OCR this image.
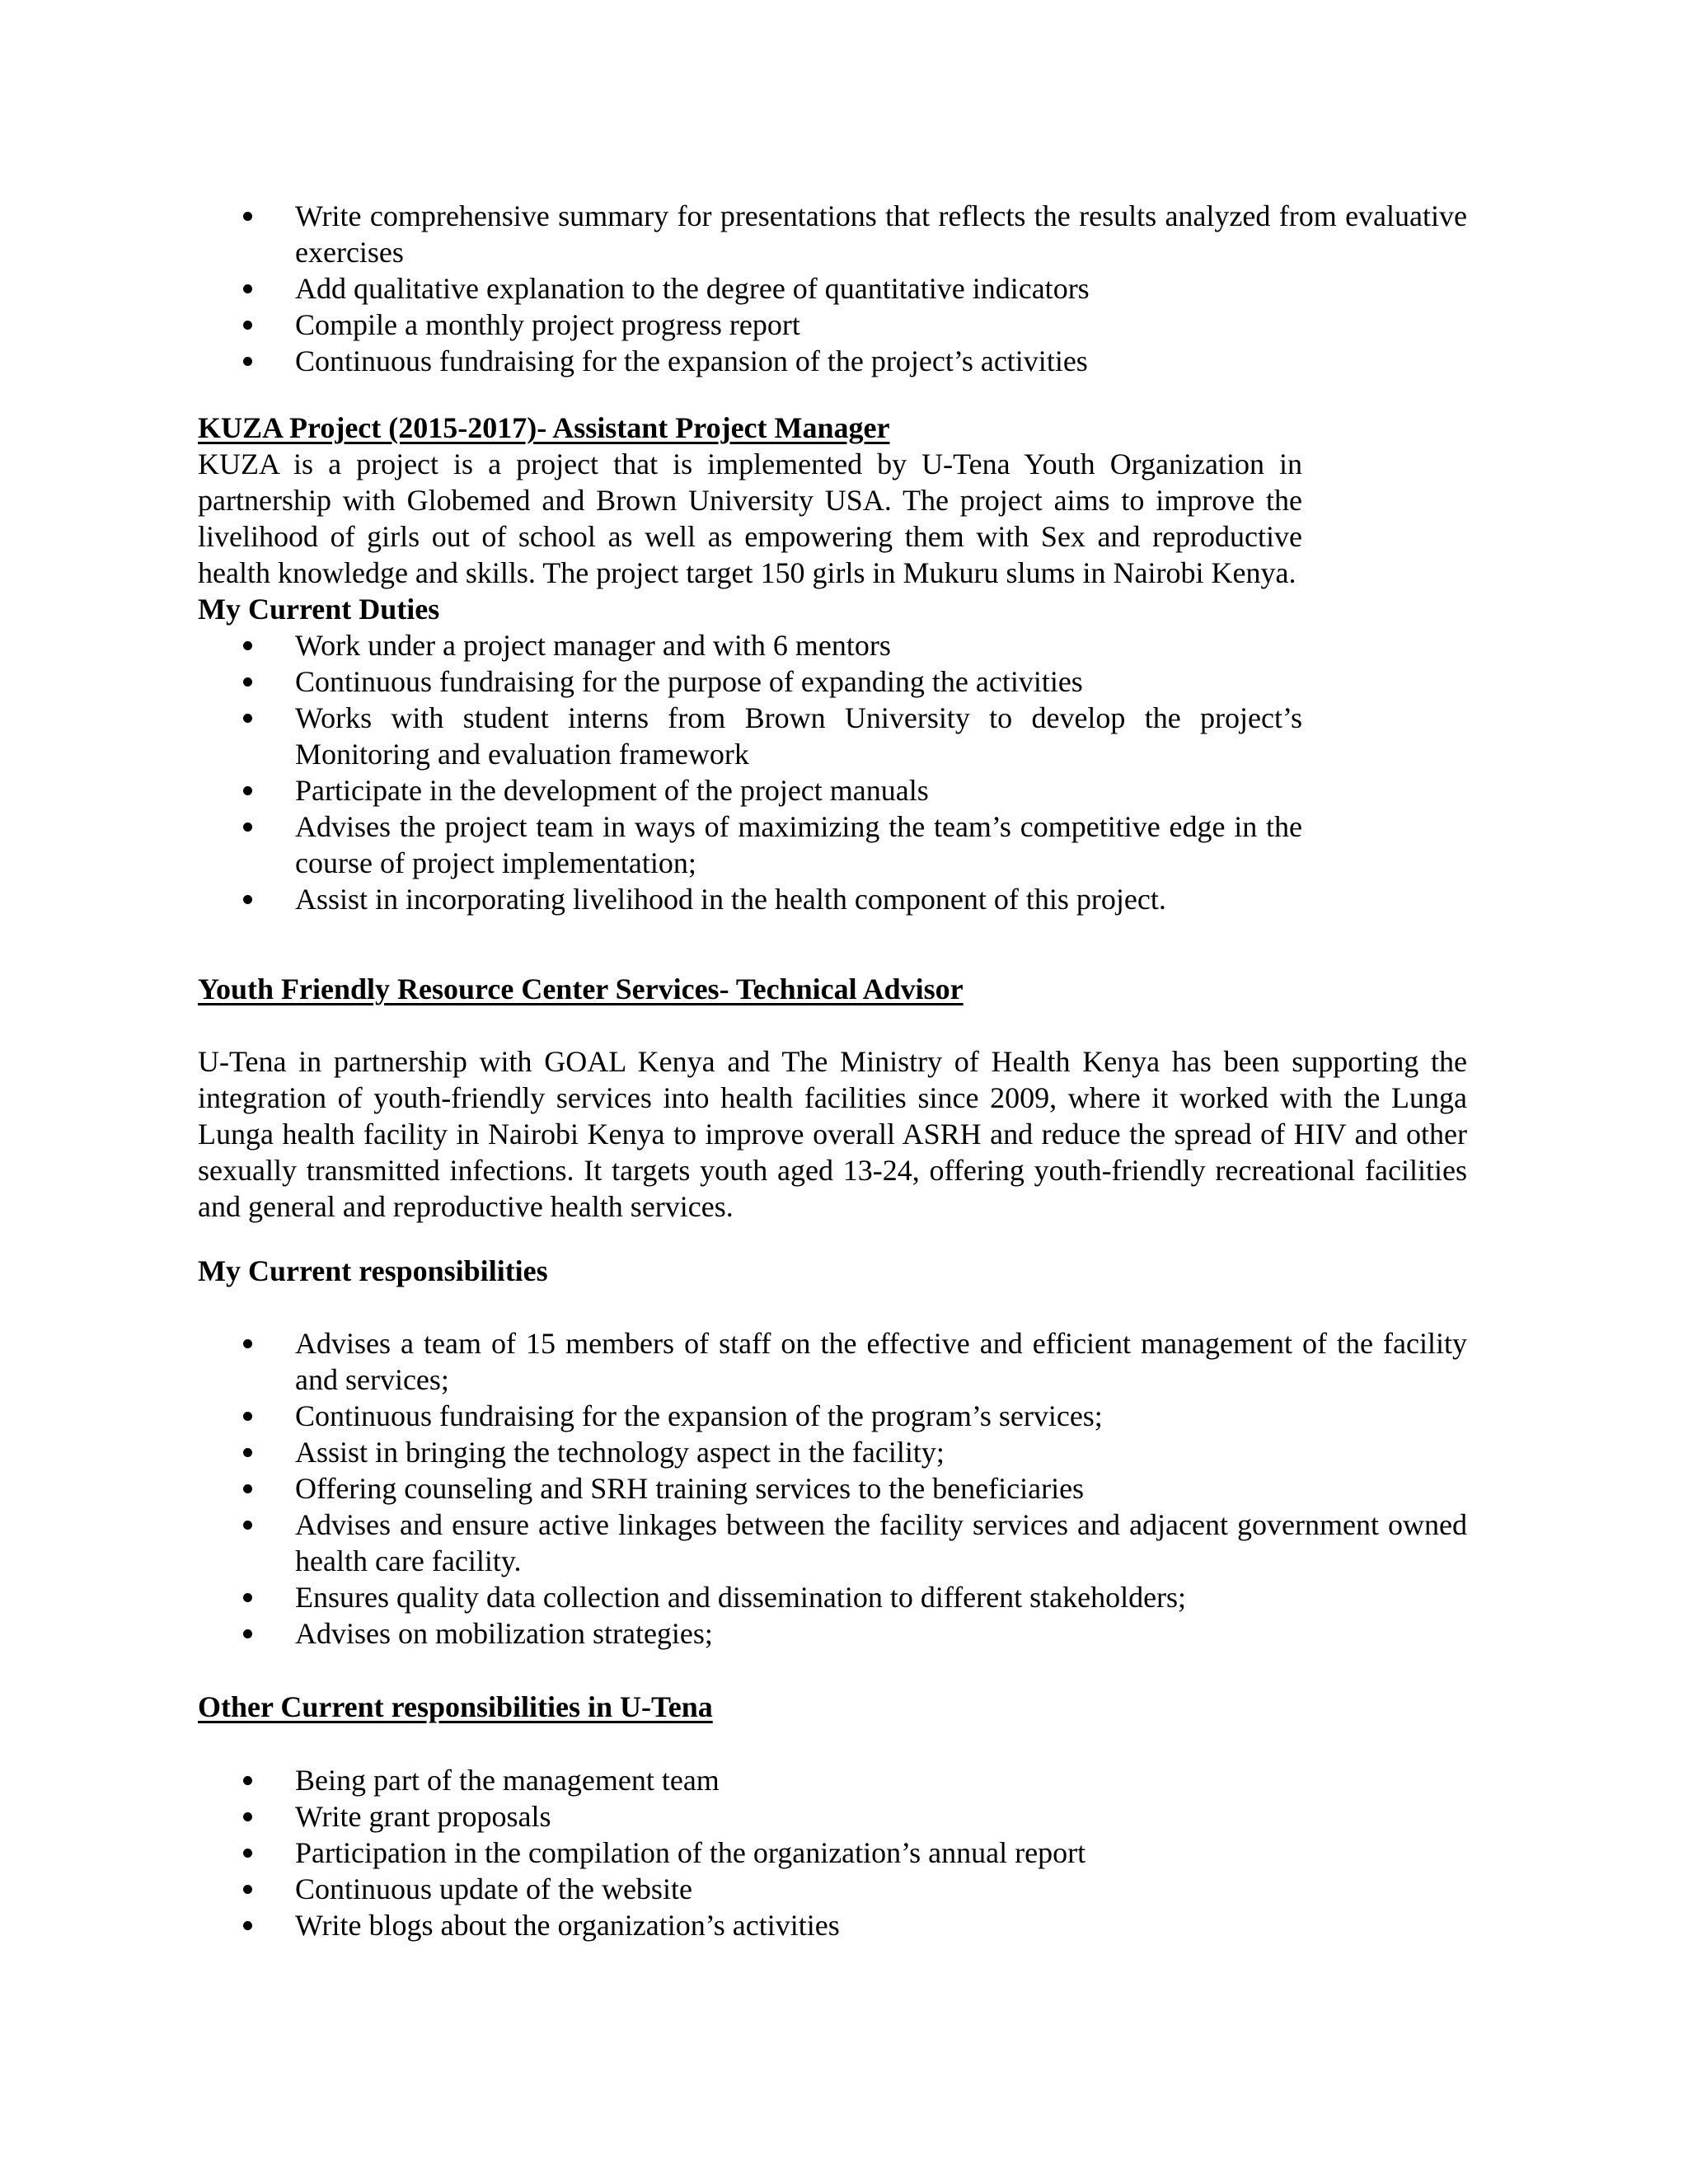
Write comprehensive summary for presentations that reflects the results analyzed from evaluative exercises
Add qualitative explanation to the degree of quantitative indicators
Compile a monthly project progress report
Continuous fundraising for the expansion of the project’s activities

KUZA Project (2015-2017)- Assistant Project Manager

KUZA is a project is a project that is implemented by U-Tena Youth Organization in partnership with Globemed and Brown University USA. The project aims to improve the livelihood of girls out of school as well as empowering them with Sex and reproductive health knowledge and skills. The project target 150 girls in Mukuru slums in Nairobi Kenya.

My Current Duties

Work under a project manager and with 6 mentors
Continuous fundraising for the purpose of expanding the activities
Works with student interns from Brown University to develop the project’s Monitoring and evaluation framework
Participate in the development of the project manuals
Advises the project team in ways of maximizing the team’s competitive edge in the course of project implementation;
Assist in incorporating livelihood in the health component of this project.

Youth Friendly Resource Center Services- Technical Advisor

U-Tena in partnership with GOAL Kenya and The Ministry of Health Kenya has been supporting the integration of youth-friendly services into health facilities since 2009, where it worked with the Lunga Lunga health facility in Nairobi Kenya to improve overall ASRH and reduce the spread of HIV and other sexually transmitted infections. It targets youth aged 13-24, offering youth-friendly recreational facilities and general and reproductive health services.

My Current responsibilities

Advises a team of 15 members of staff on the effective and efficient management of the facility and services;
Continuous fundraising for the expansion of the program’s services;
Assist in bringing the technology aspect in the facility;
Offering counseling and SRH training services to the beneficiaries
Advises and ensure active linkages between the facility services and adjacent government owned health care facility.
Ensures quality data collection and dissemination to different stakeholders;
Advises on mobilization strategies;

Other Current responsibilities in U-Tena

Being part of the management team
Write grant proposals
Participation in the compilation of the organization’s annual report
Continuous update of the website
Write blogs about the organization’s activities
